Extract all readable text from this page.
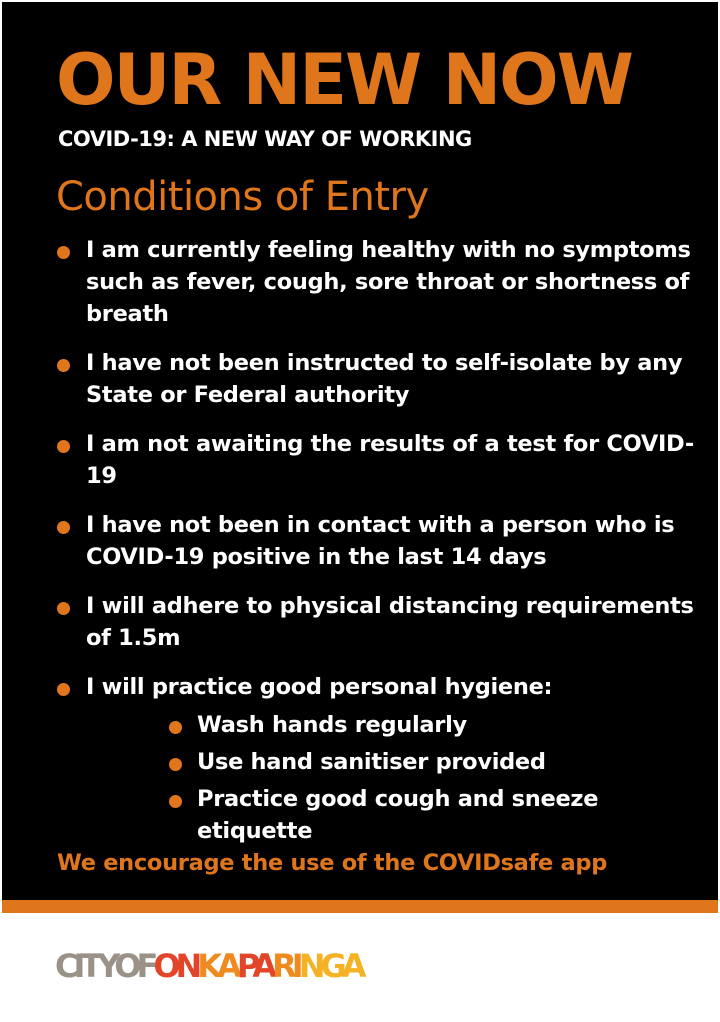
OUR NEW NOW

COVID-19: A NEW WAY OF WORKING

Conditions of Entry
I am currently feeling healthy with no symptoms such as fever, cough, sore throat or shortness of breath
I have not been instructed to self-isolate by any State or Federal authority
I am not awaiting the results of a test for COVID-19
I have not been in contact with a person who is COVID-19 positive in the last 14 days
I will adhere to physical distancing requirements of 1.5m
I will practice good personal hygiene:
Wash hands regularly
Use hand sanitiser provided
Practice good cough and sneeze etiquette

We encourage the use of the COVIDsafe app

CITYOFONKAPARINGA
